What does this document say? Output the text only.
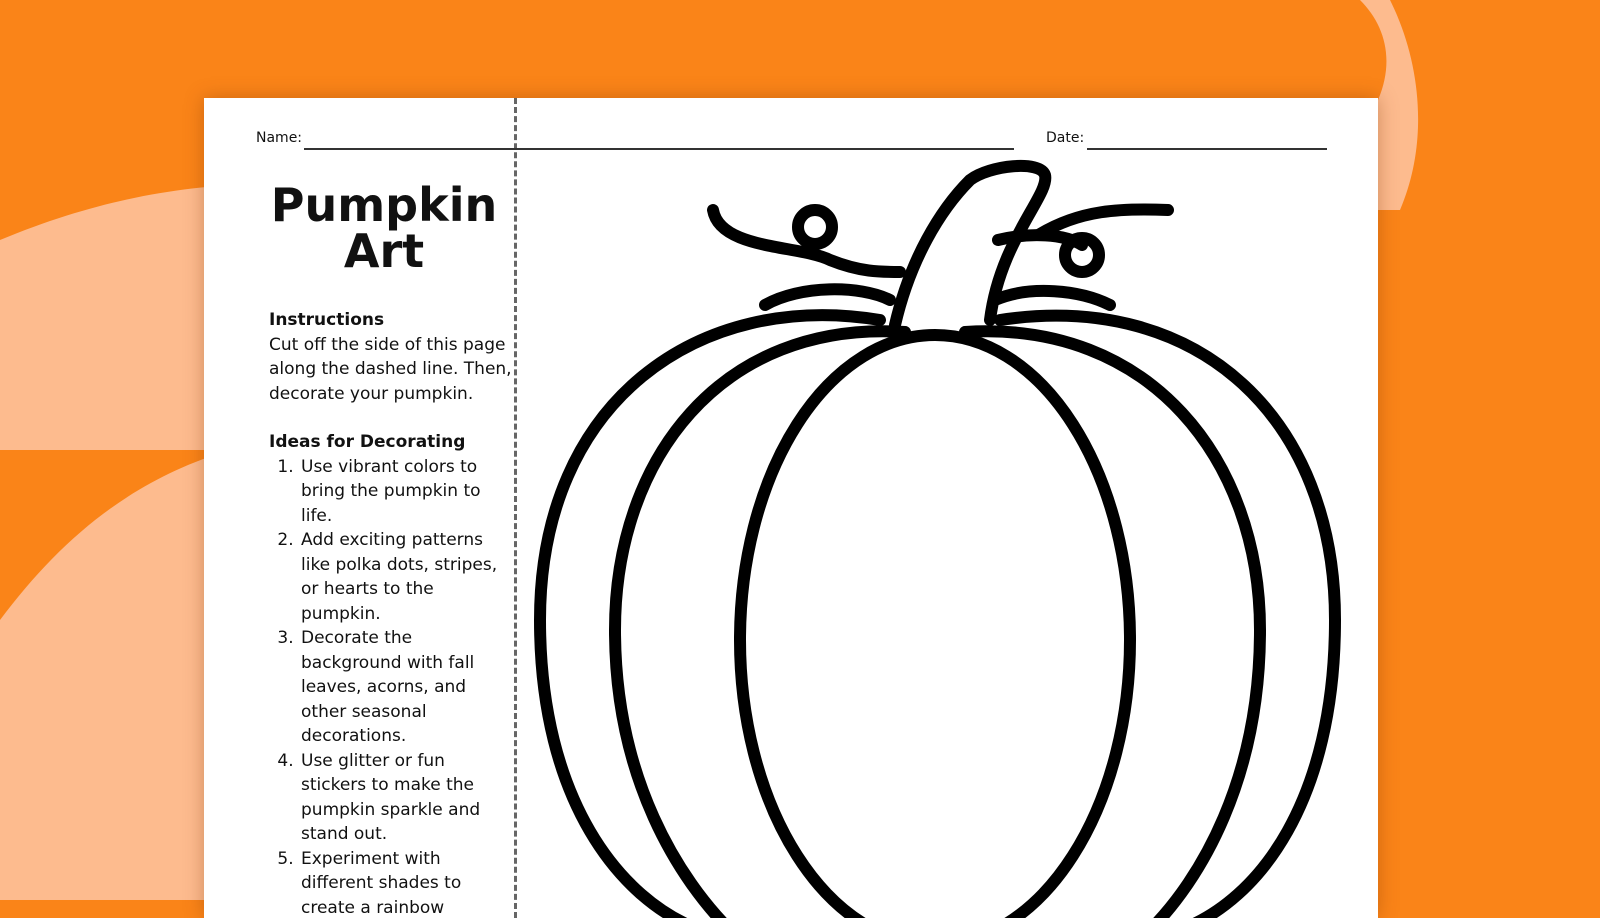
Name:	Date:
Pumpkin Art
Instructions

Cut off the side of this page along the dashed line. Then, decorate your pumpkin.

Ideas for Decorating
1. Use vibrant colors to bring the pumpkin to life.
2. Add exciting patterns like polka dots, stripes, or hearts to the pumpkin.
3. Decorate the background with fall leaves, acorns, and other seasonal decorations.
4. Use glitter or fun stickers to make the pumpkin sparkle and stand out.
5. Experiment with different shades to create a rainbow
